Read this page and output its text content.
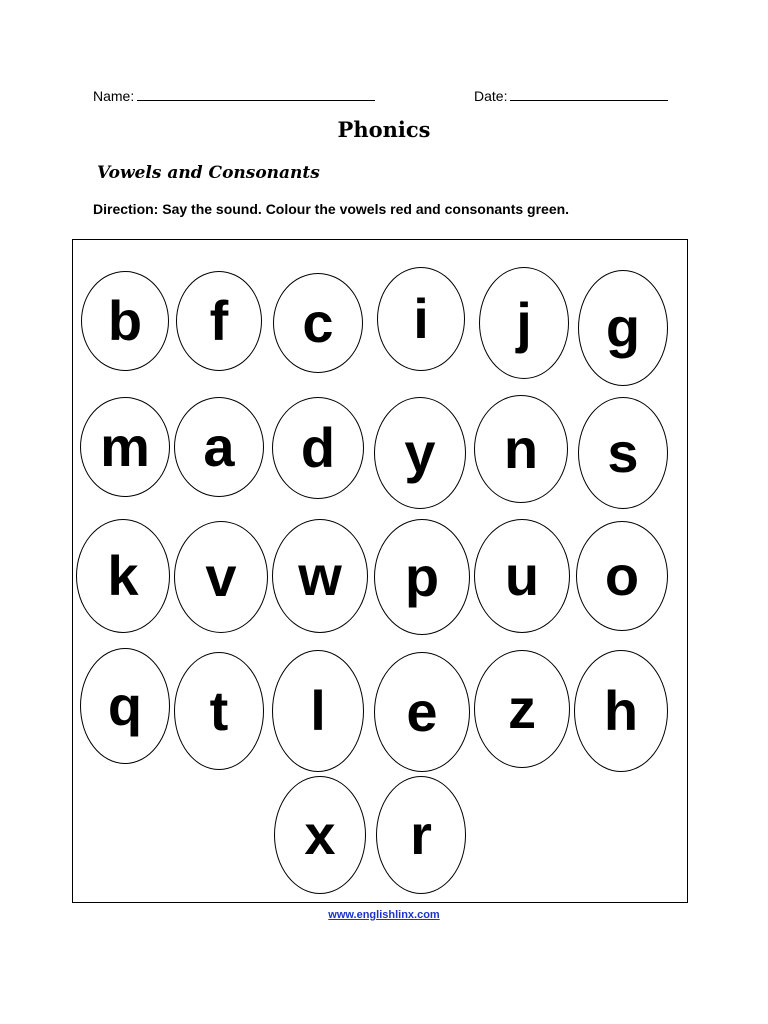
Name:	Date:
Phonics
Vowels and Consonants
Direction: Say the sound. Colour the vowels red and consonants green.
b f c i j g
m a d y n s
k v w p u o
q t l e z h
x r
www.englishlinx.com
